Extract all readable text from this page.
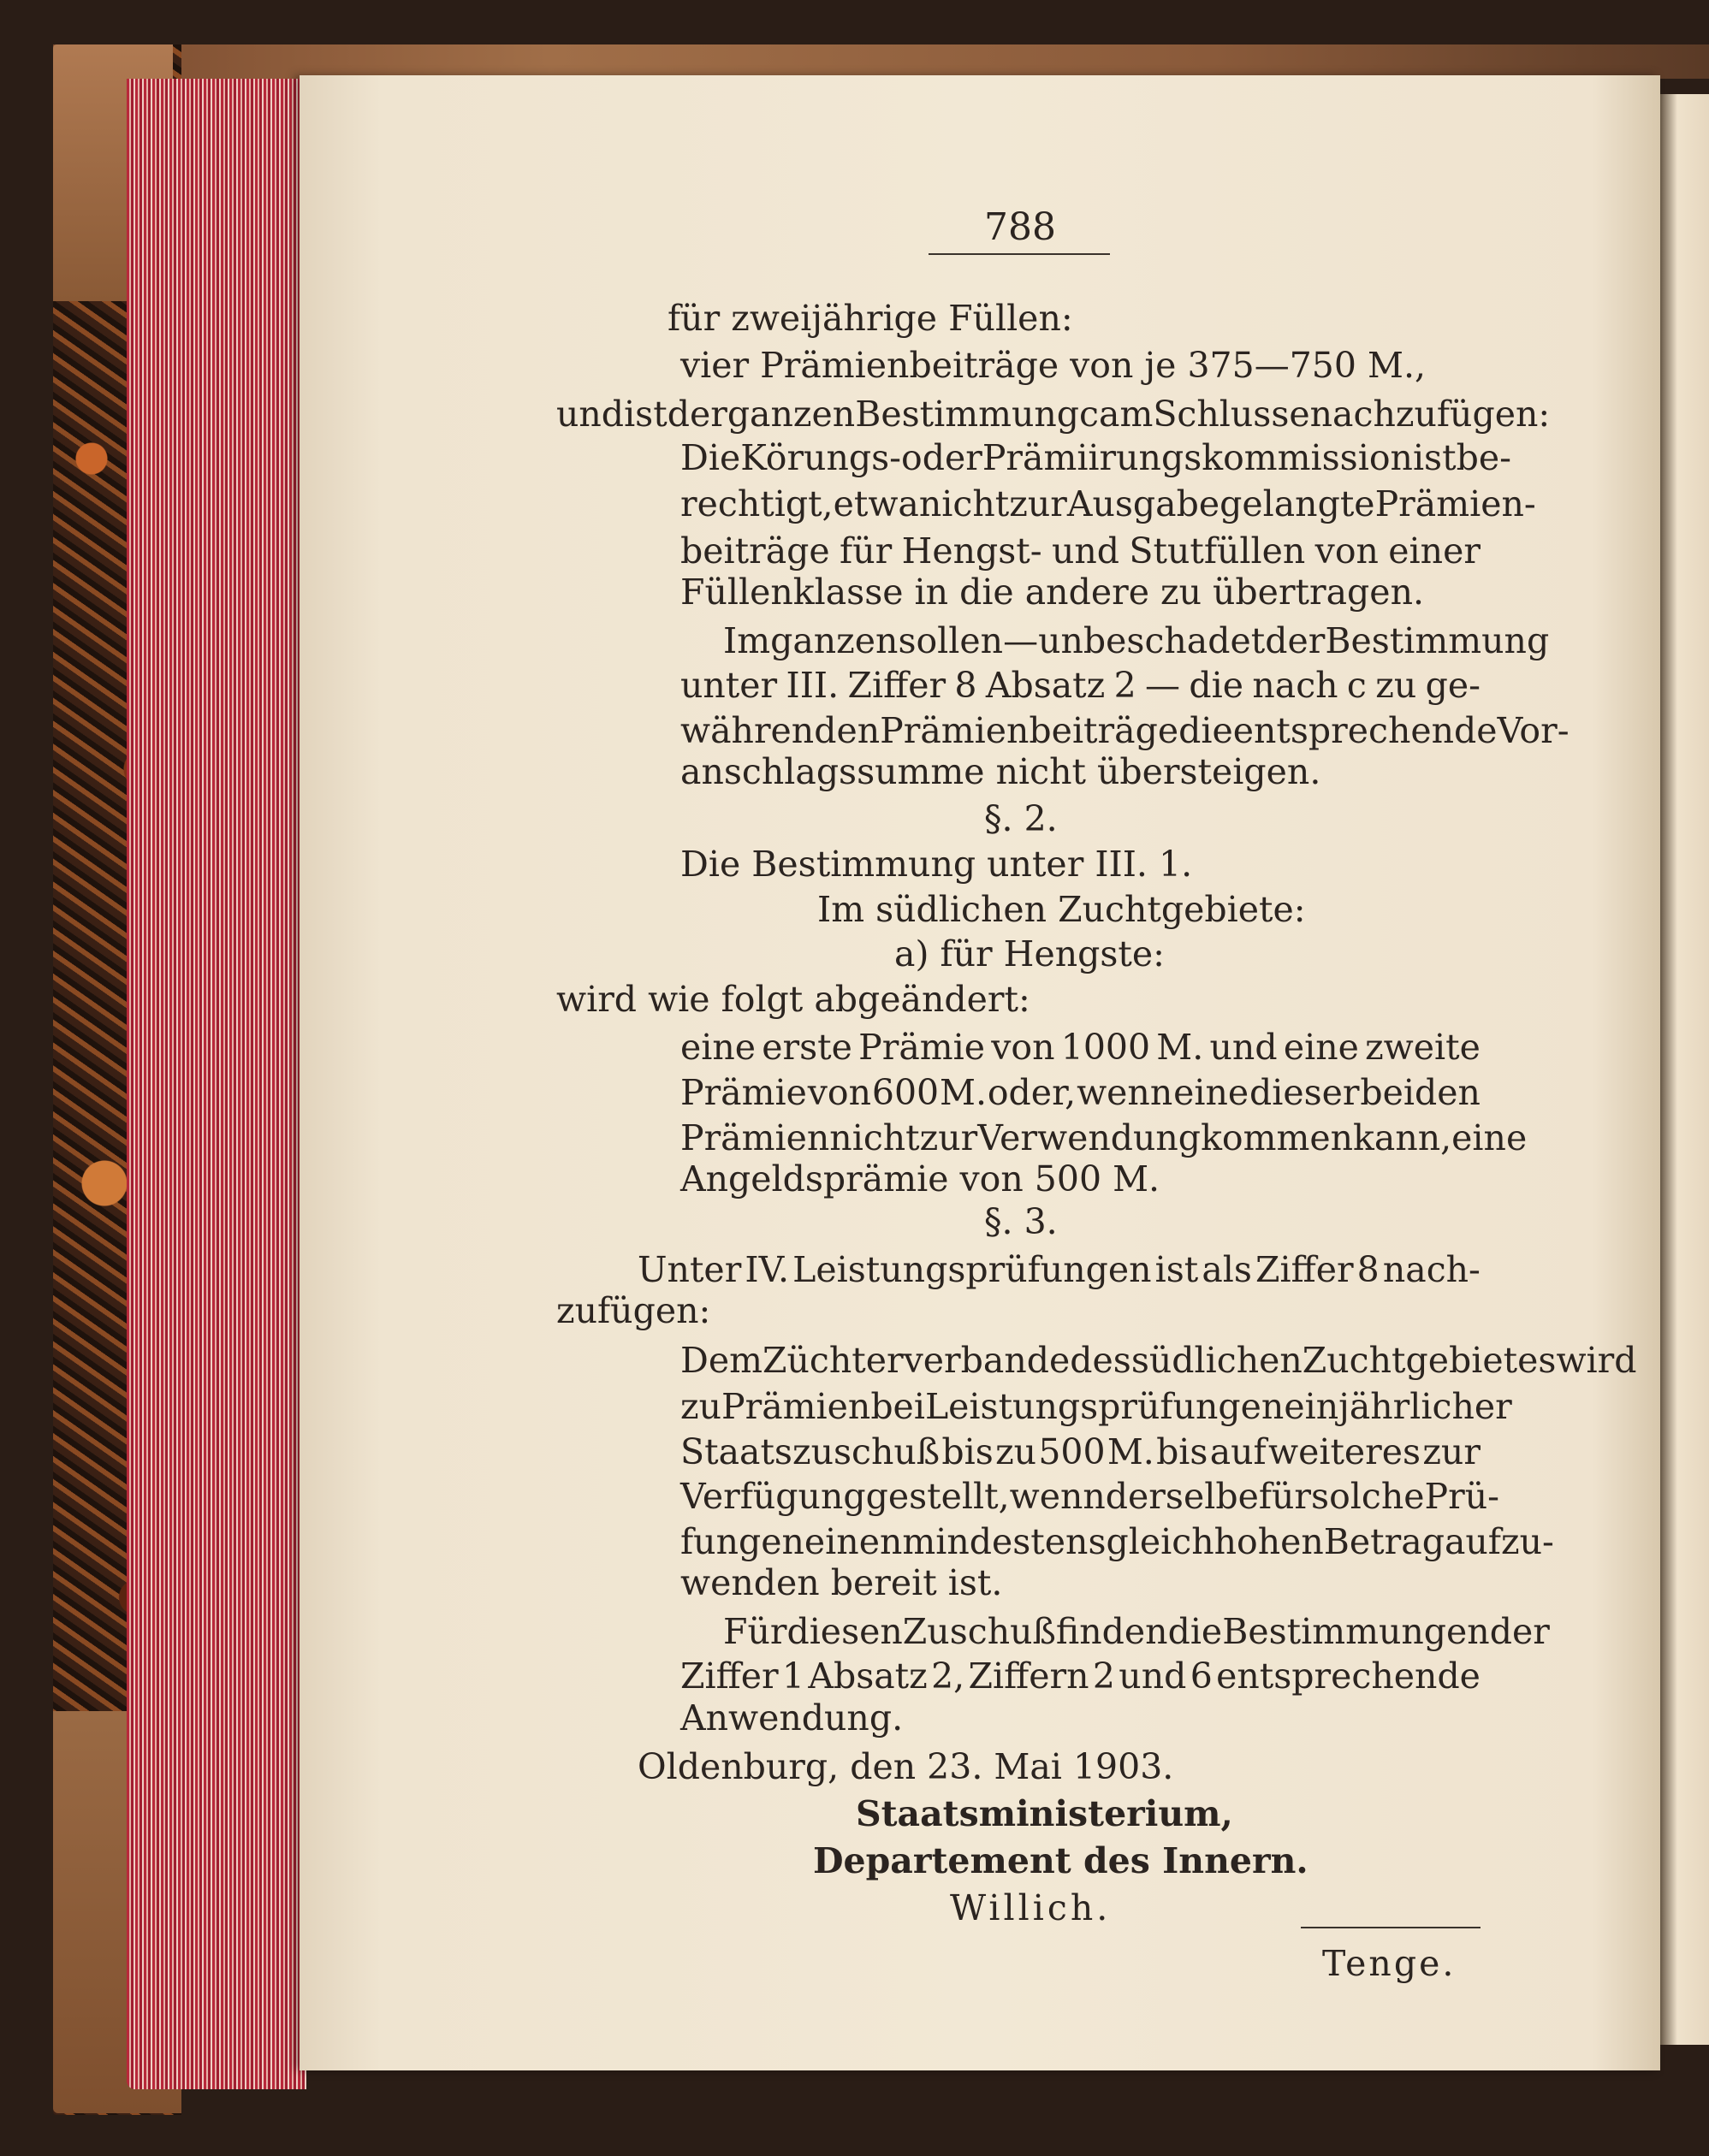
788
für zweijährige Füllen:
vier Prämienbeiträge von je 375—750 M.,
und ist der ganzen Bestimmung c am Schlusse nachzufügen:
Die Körungs- oder Prämiirungskommission ist be-
rechtigt, etwa nicht zur Ausgabe gelangte Prämien-
beiträge für Hengst- und Stutfüllen von einer
Füllenklasse in die andere zu übertragen.
Im ganzen sollen — unbeschadet der Bestimmung
unter III. Ziffer 8 Absatz 2 — die nach c zu ge-
währenden Prämienbeiträge die entsprechende Vor-
anschlagssumme nicht übersteigen.
§. 2.
Die Bestimmung unter III. 1.
Im südlichen Zuchtgebiete:
a) für Hengste:
wird wie folgt abgeändert:
eine erste Prämie von 1000 M. und eine zweite
Prämie von 600 M. oder, wenn eine dieser beiden
Prämien nicht zur Verwendung kommen kann, eine
Angeldsprämie von 500 M.
§. 3.
Unter IV. Leistungsprüfungen ist als Ziffer 8 nach-
zufügen:
Dem Züchterverbande des südlichen Zuchtgebietes wird
zu Prämien bei Leistungsprüfungen ein jährlicher
Staatszuschuß bis zu 500 M. bis auf weiteres zur
Verfügung gestellt, wenn derselbe für solche Prü-
fungen einen mindestens gleich hohen Betrag aufzu-
wenden bereit ist.
Für diesen Zuschuß finden die Bestimmungen der
Ziffer 1 Absatz 2, Ziffern 2 und 6 entsprechende
Anwendung.
Oldenburg, den 23. Mai 1903.
Staatsministerium,
Departement des Innern.
Willich.
Tenge.
